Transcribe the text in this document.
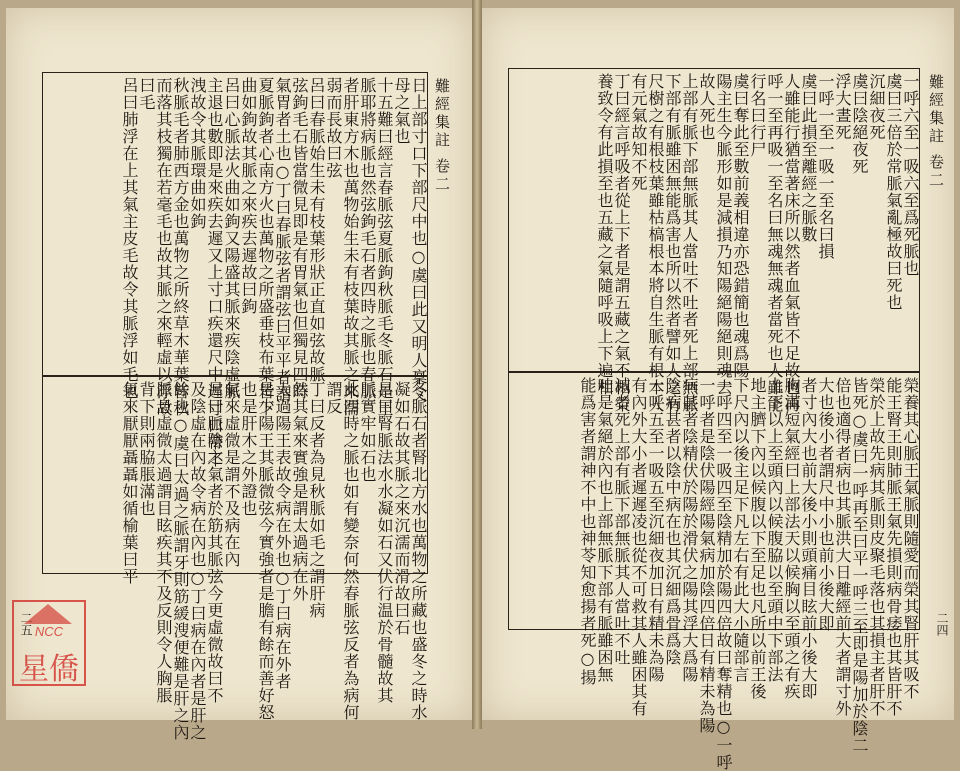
難經集註 卷二
日上部寸口下部尺中也○虞曰此又明人稟父
母之氣也
十五難曰經言春脈弦夏脈鉤秋脈毛冬脈石是王
脈耶將病脈也然弦鉤毛石者四時之脈也春脈
者肝東方木也萬物始生未有枝葉故其脈之來濡
弱而長故曰弦
呂曰春脈始生未有枝葉形狀正直如弦故脈
弦鉤毛石皆當微見即是有胃氣也但獨見四時
氣胃者土也○丁曰春脈弦者謂弦曰平平者謂
夏脈鉤者心南方火也萬物之所盛垂枝布葉皆下
曲如鉤故其脈之來疾去遲故曰鉤
呂曰心脈法火曲如鉤又陽盛其脈來疾陰虛脈
主退也數即是來疾去遲又上寸口疾還尺中遲寸口帶不
洩故令其脈環曲如鉤
秋脈毛者肺西方金也萬物之所終草木華葉皆秋
而落其枝獨在若毫毛也故其脈之來輕虛以浮故
曰毛
呂曰肺浮在上其氣主皮毛故令其脈浮如毛也
冬脈石者腎北方水也萬物之所藏也盛冬之時水
凝如石故其脈之來沉濡而滑故曰石
呂曰腎脈法水水凝如石又伏行温於骨髓故其
脈實牢如石也
此四時之脈也如有變奈何然春脈弦反者為病何
謂反
丁曰反者為見秋脈如毛之謂肝病
然其氣來實強是謂太過病在外
太過陽王表故令病在外也○丁曰病在外者
是少陽王其脈微弦今實強者是膽有餘而善好怒
也是肝木之外證也
氣來虛微是謂不及病在內
呂曰脈陰之氣者於筋其脈弦今更虛微故曰不
及陰虛在內故令病在內也○丁曰病在內者是肝之
餘也○虞曰太過之脈謂牙則筋緩溲便難是肝之內
脈息虛微太過謂目眩疾其不及反則令人胸脹
背下則兩脇脹滿也
氣來厭厭聶聶如循榆葉曰平
二五
難經集註 卷二
一呼六至一吸六至爲死脈也
虞曰三倍於常脈氣亂極故曰死也
沉細夜死
虞曰陰絕夜死
浮大晝死
一呼一至一吸一至名曰損
虞曰此損至離經之脈數
人雖能行猶當著床所以然者血氣皆不足故也再
呼一至再吸一至名曰無魂無魂者當死也人雖能
行名曰行尸
虞曰奪此至數前義相違亦恐錯簡也魂爲陽
陽主生今脈形如是減損乃知陽絕陽絕則魂去
故人死也
上部有脈下部無脈其人當吐不吐者死上部無脈
下部有脈雖困無能爲害也所以然者譬如人之有
尺樹之有根枝葉雖枯槁根本將自生脈有根本人
有元氣故知不死
丁曰經言呼吸者從上下者是謂五藏之氣不相榮
養致令有此損至也五藏之氣隨呼吸上下遍相
榮養其心脈王氣脈則隨愛而榮其腎肝其吸不
能王腎王則肺脈王氣先損則病骨痿也其皆肝不
榮於上故先病其脈則皮聚毛落也其損主者肝不
皆死○虞曰一呼再至曰平一呼三至即是陽加於陰二
倍也適得者病也其脈洪大日離經前大者謂寸外
大也後小者謂尺中小也前小後大即
者寸內大也前大後小則頭痛目眩前小後大即
胸滿短氣經曰上部法天以候胸以至頭之有疾
上下以上至頭內以候腹脇以至頭中下部法
地主臍下內以候腹以下至足也凡所以前王後
下尺內以後主足下凡左右有此大小隨部言
一呼四至一吸四至陰精加於陽四倍故曰奪精也○一呼
一呼者是陰伏陽經陽氣病加陰四倍日有精未為陽
病甚者陰精伏於陽於滑伏之陽其浮大爲陽
陰病甚者以陰中病在也其沉細爲骨爲陰
一呼五至一吸五至沉細夜加日有精未為陽
有內外大小者遲遲凌也從不可救其人雖困其有
滅者死上部有脈下部無脈其人當吐不吐
吐是氣絕於內也上部無脈下部有脈雖困無
能爲害者謂神不中也神苓知愈揚者死○揚	二四
NCC
星僑
